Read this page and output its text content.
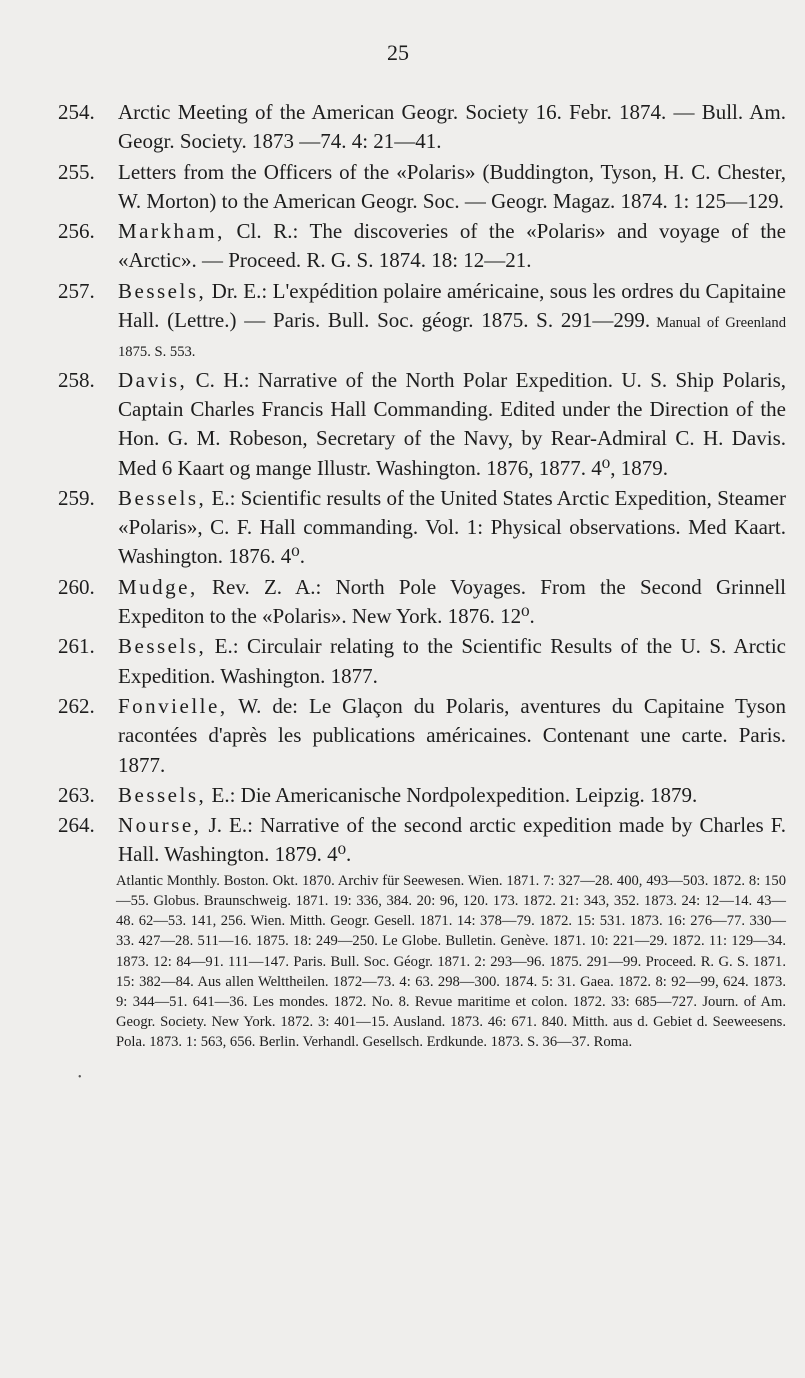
25
254.	Arctic Meeting of the American Geogr. Society 16. Febr. 1874. — Bull. Am. Geogr. Society. 1873 —74. 4: 21—41.
255.	Letters from the Officers of the «Polaris» (Buddington, Tyson, H. C. Chester, W. Morton) to the American Geogr. Soc. — Geogr. Magaz. 1874. 1: 125—129.
256.	Markham, Cl. R.: The discoveries of the «Polaris» and voyage of the «Arctic». — Proceed. R. G. S. 1874. 18: 12—21.
257.	Bessels, Dr. E.: L'expédition polaire américaine, sous les ordres du Capitaine Hall. (Lettre.) — Paris. Bull. Soc. géogr. 1875. S. 291—299. Manual of Greenland 1875. S. 553.
258.	Davis, C. H.: Narrative of the North Polar Expedition. U. S. Ship Polaris, Captain Charles Francis Hall Commanding. Edited under the Direction of the Hon. G. M. Robeson, Secretary of the Navy, by Rear-Admiral C. H. Davis. Med 6 Kaart og mange Illustr. Washington. 1876, 1877. 4⁰, 1879.
259.	Bessels, E.: Scientific results of the United States Arctic Expedition, Steamer «Polaris», C. F. Hall commanding. Vol. 1: Physical observations. Med Kaart. Washington. 1876. 4⁰.
260.	Mudge, Rev. Z. A.: North Pole Voyages. From the Second Grinnell Expediton to the «Polaris». New York. 1876. 12⁰.
261.	Bessels, E.: Circulair relating to the Scientific Results of the U. S. Arctic Expedition. Washington. 1877.
262.	Fonvielle, W. de: Le Glaçon du Polaris, aventures du Capitaine Tyson racontées d'après les publications américaines. Contenant une carte. Paris. 1877.
263.	Bessels, E.: Die Americanische Nordpolexpedition. Leipzig. 1879.
264.	Nourse, J. E.: Narrative of the second arctic expedition made by Charles F. Hall. Washington. 1879. 4⁰.
Atlantic Monthly. Boston. Okt. 1870. Archiv für Seewesen. Wien. 1871. 7: 327—28. 400, 493—503. 1872. 8: 150—55. Globus. Braunschweig. 1871. 19: 336, 384. 20: 96, 120. 173. 1872. 21: 343, 352. 1873. 24: 12—14. 43—48. 62—53. 141, 256. Wien. Mitth. Geogr. Gesell. 1871. 14: 378—79. 1872. 15: 531. 1873. 16: 276—77. 330—33. 427—28. 511—16. 1875. 18: 249—250. Le Globe. Bulletin. Genève. 1871. 10: 221—29. 1872. 11: 129—34. 1873. 12: 84—91. 111—147. Paris. Bull. Soc. Géogr. 1871. 2: 293—96. 1875. 291—99. Proceed. R. G. S. 1871. 15: 382—84. Aus allen Welttheilen. 1872—73. 4: 63. 298—300. 1874. 5: 31. Gaea. 1872. 8: 92—99, 624. 1873. 9: 344—51. 641—36. Les mondes. 1872. No. 8. Revue maritime et colon. 1872. 33: 685—727. Journ. of Am. Geogr. Society. New York. 1872. 3: 401—15. Ausland. 1873. 46: 671. 840. Mitth. aus d. Gebiet d. Seeweesens. Pola. 1873. 1: 563, 656. Berlin. Verhandl. Gesellsch. Erdkunde. 1873. S. 36—37. Roma.
•
